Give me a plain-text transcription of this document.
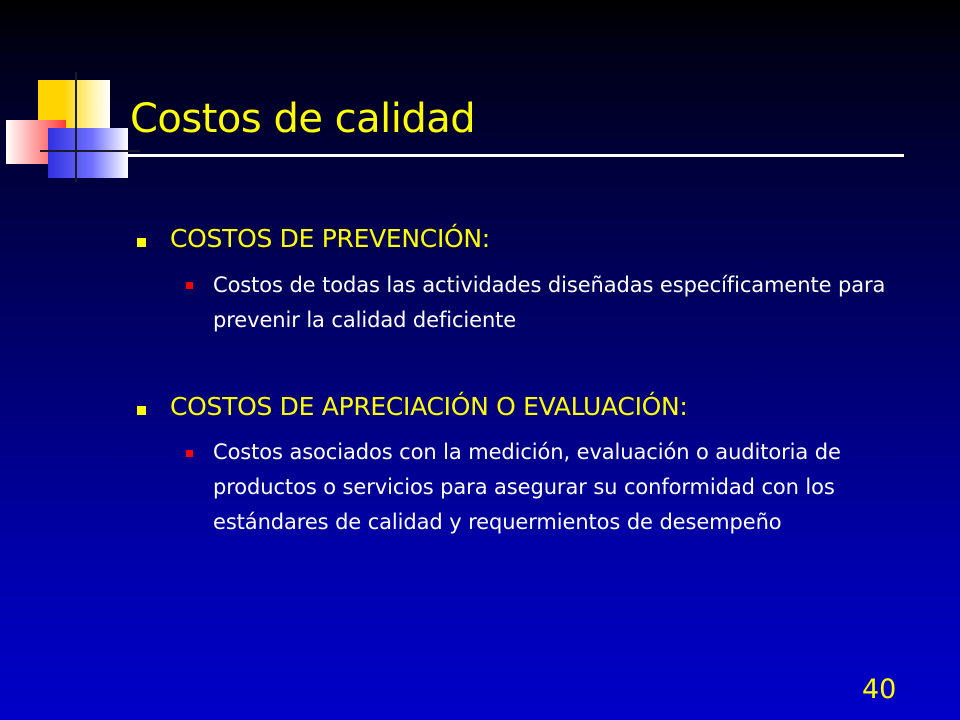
Costos de calidad
COSTOS DE PREVENCIÓN:
Costos de todas las actividades diseñadas específicamente para prevenir la calidad deficiente
COSTOS DE APRECIACIÓN O EVALUACIÓN:
Costos asociados con la medición, evaluación o auditoria de productos o servicios para asegurar su conformidad con los estándares de calidad y requermientos de desempeño
40
